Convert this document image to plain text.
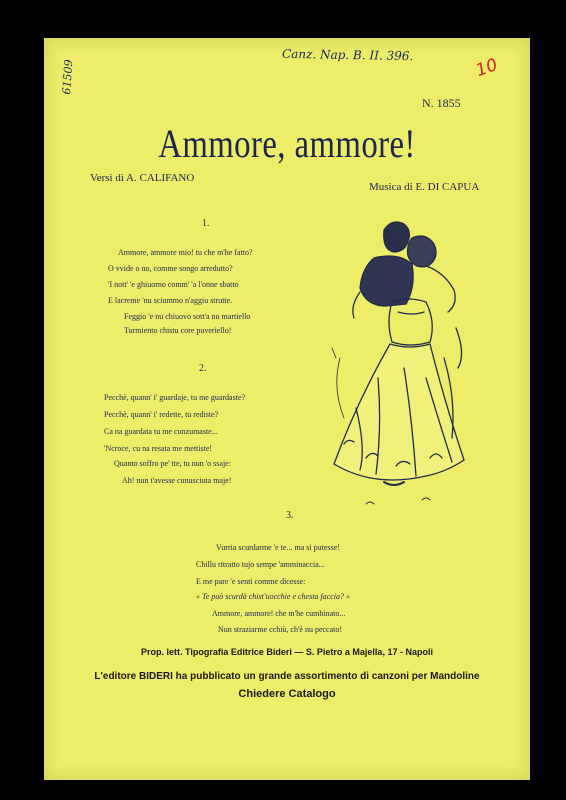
Canz. Nap. B. II. 396.
61509	10
N. 1855
Ammore, ammore!
Versi di A. CALIFANO
Musica di E. DI CAPUA
1.
Ammore, ammore mio! tu che m'he fatto?
O vvide o no, comme songo arredutto?
'I nott' 'e ghiuorno comm' 'a l'onne sbatto
E lacreme 'nu sciummo n'aggiu strutte.
Feggio 'e nu chiuovo sott'a nu martiello
Turmiento chistu core puveriello!
2.
Pecchè, quann' i' guardaje, tu me guardaste?
Pecchè, quann' i' redette, tu rediste?
Ca na guardata tu me cunzumaste...
'Ncroce, cu na resata me mettiste!
Quanto soffro pe' tte, tu nun 'o ssaje:
Ah! nun t'avesse cunusciuta maje!
3.
Vurria scurdarme 'e te... ma si putesse!
Chillu ritratto tujo sempe 'amminaccia...
E me pare 'e senti comme dicesse:
« Te può scurdà chist'uocchie e chesta faccia? »
Ammore, ammore! che m'he cumbinato...
Nun straziarme cchiù, ch'è nu peccato!
Prop. lett. Tipografia Editrice Bideri — S. Pietro a Majella, 17 - Napoli
L'editore BIDERI ha pubblicato un grande assortimento di canzoni per Mandoline
Chiedere Catalogo
